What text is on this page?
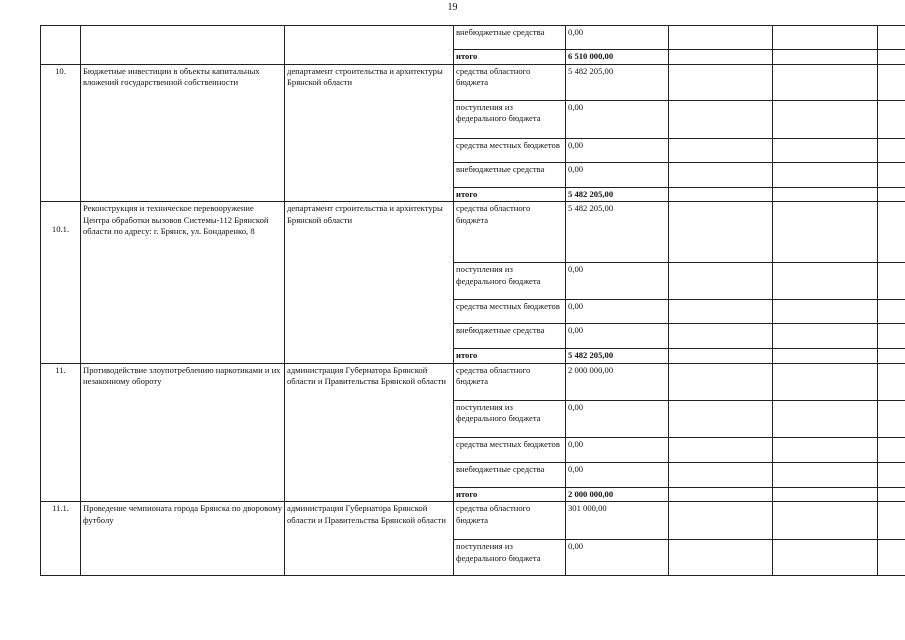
19
			внебюджетные средства	0,00			
			итого	6 510 000,00			
10.	Бюджетные инвестиции в объекты капитальных вложений государственной собственности	департамент строительства и архитектуры Брянской области	средства областного бюджета	5 482 205,00			
			поступления из федерального бюджета	0,00			
			средства местных бюджетов	0,00			
			внебюджетные средства	0,00			
			итого	5 482 205,00			
10.1.	Реконструкция и техническое перевооружение Центра обработки вызовов Системы-112 Брянской области по адресу: г. Брянск, ул. Бондаренко, 8	департамент строительства и архитектуры Брянской области	средства областного бюджета	5 482 205,00			
			поступления из федерального бюджета	0,00			
			средства местных бюджетов	0,00			
			внебюджетные средства	0,00			
			итого	5 482 205,00			
11.	Противодействие злоупотреблению наркотиками и их незаконному обороту	администрация Губернатора Брянской области и Правительства Брянской области	средства областного бюджета	2 000 000,00			
			поступления из федерального бюджета	0,00			
			средства местных бюджетов	0,00			
			внебюджетные средства	0,00			
			итого	2 000 000,00			
11.1.	Проведение чемпионата города Брянска по дворовому футболу	администрация Губернатора Брянской области и Правительства Брянской области	средства областного бюджета	301 000,00			
			поступления из федерального бюджета	0,00			
